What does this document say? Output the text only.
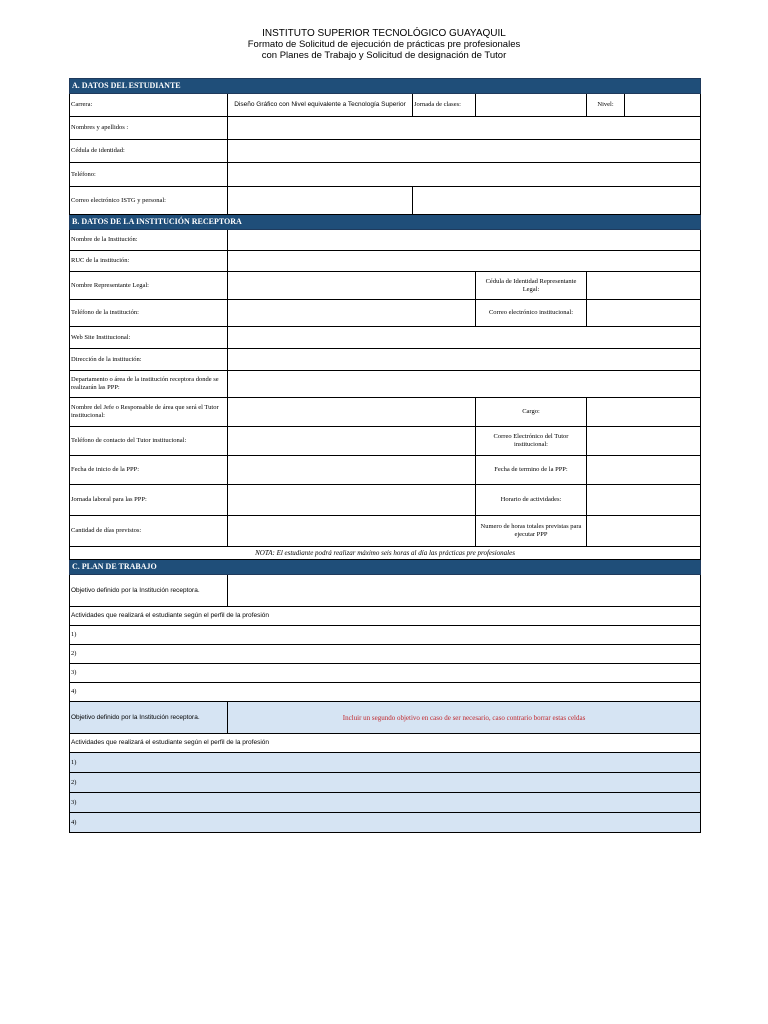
INSTITUTO SUPERIOR TECNOLÓGICO GUAYAQUIL
Formato de Solicitud de ejecución de prácticas pre profesionales
con Planes de Trabajo y Solicitud de designación de Tutor
A. DATOS DEL ESTUDIANTE					
Carrera:	Diseño Gráfico con Nivel equivalente a Tecnología Superior	Jornada de clases:		Nivel:	
Nombres y apellidos :					
Cédula de identidad:					
Teléfono:					
Correo electrónico ISTG y personal:					
B. DATOS DE LA INSTITUCIÓN RECEPTORA					
Nombre de la Institución:					
RUC de la institución:					
Nombre Representante Legal:			Cédula de Identidad Representante Legal:		
Teléfono de la institución:			Correo electrónico institucional:		
Web Site Institucional:					
Dirección de la institución:					
Departamento o área de la institución receptora donde se realizarán las PPP:					
Nombre del Jefe o Responsable de área que será el Tutor institucional:			Cargo:		
Teléfono de contacto del Tutor institucional:			Correo Electrónico del Tutor institucional:		
Fecha de inicio de la PPP:			Fecha de termino de la PPP:		
Jornada laboral para las PPP:			Horario de actividades:		
Cantidad de días previstos:			Numero de horas totales previstas para ejecutar PPP		
NOTA: El estudiante podrá realizar máximo seis horas al día las prácticas pre profesionales					
C. PLAN DE TRABAJO					
Objetivo definido por la Institución receptora.					
Actividades que realizará el estudiante según el perfil de la profesión					
1)					
2)					
3)					
4)					
Objetivo definido por la Institución receptora.	Incluir un segundo objetivo en caso de ser necesario, caso contrario borrar estas celdas				
Actividades que realizará el estudiante según el perfil de la profesión					
1)					
2)					
3)					
4)					
